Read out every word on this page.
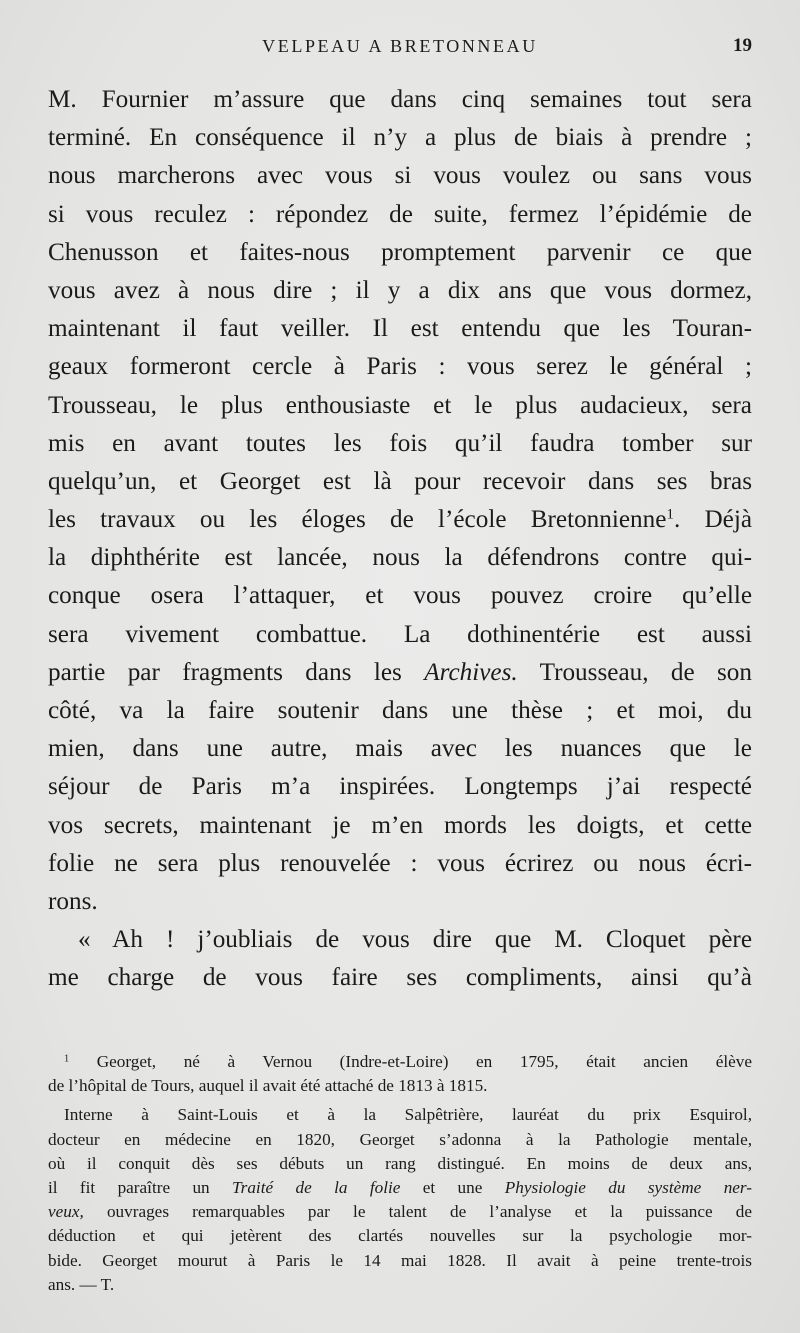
VELPEAU A BRETONNEAU	19
M. Fournier m’assure que dans cinq semaines tout sera
terminé. En conséquence il n’y a plus de biais à prendre ;
nous marcherons avec vous si vous voulez ou sans vous
si vous reculez : répondez de suite, fermez l’épidémie de
Chenusson et faites-nous promptement parvenir ce que
vous avez à nous dire ; il y a dix ans que vous dormez,
maintenant il faut veiller. Il est entendu que les Touran-
geaux formeront cercle à Paris : vous serez le général ;
Trousseau, le plus enthousiaste et le plus audacieux, sera
mis en avant toutes les fois qu’il faudra tomber sur
quelqu’un, et Georget est là pour recevoir dans ses bras
les travaux ou les éloges de l’école Bretonnienne$^1$. Déjà
la diphthérite est lancée, nous la défendrons contre qui-
conque osera l’attaquer, et vous pouvez croire qu’elle
sera vivement combattue. La dothinentérie est aussi
partie par fragments dans les Archives. Trousseau, de son
côté, va la faire soutenir dans une thèse ; et moi, du
mien, dans une autre, mais avec les nuances que le
séjour de Paris m’a inspirées. Longtemps j’ai respecté
vos secrets, maintenant je m’en mords les doigts, et cette
folie ne sera plus renouvelée : vous écrirez ou nous écri-
rons.
« Ah ! j’oubliais de vous dire que M. Cloquet père
me charge de vous faire ses compliments, ainsi qu’à
$^1$ Georget, né à Vernou (Indre-et-Loire) en 1795, était ancien élève
de l’hôpital de Tours, auquel il avait été attaché de 1813 à 1815.
Interne à Saint-Louis et à la Salpêtrière, lauréat du prix Esquirol,
docteur en médecine en 1820, Georget s’adonna à la Pathologie mentale,
où il conquit dès ses débuts un rang distingué. En moins de deux ans,
il fit paraître un Traité de la folie et une Physiologie du système ner-
veux, ouvrages remarquables par le talent de l’analyse et la puissance de
déduction et qui jetèrent des clartés nouvelles sur la psychologie mor-
bide. Georget mourut à Paris le 14 mai 1828. Il avait à peine trente-trois
ans. — T.
